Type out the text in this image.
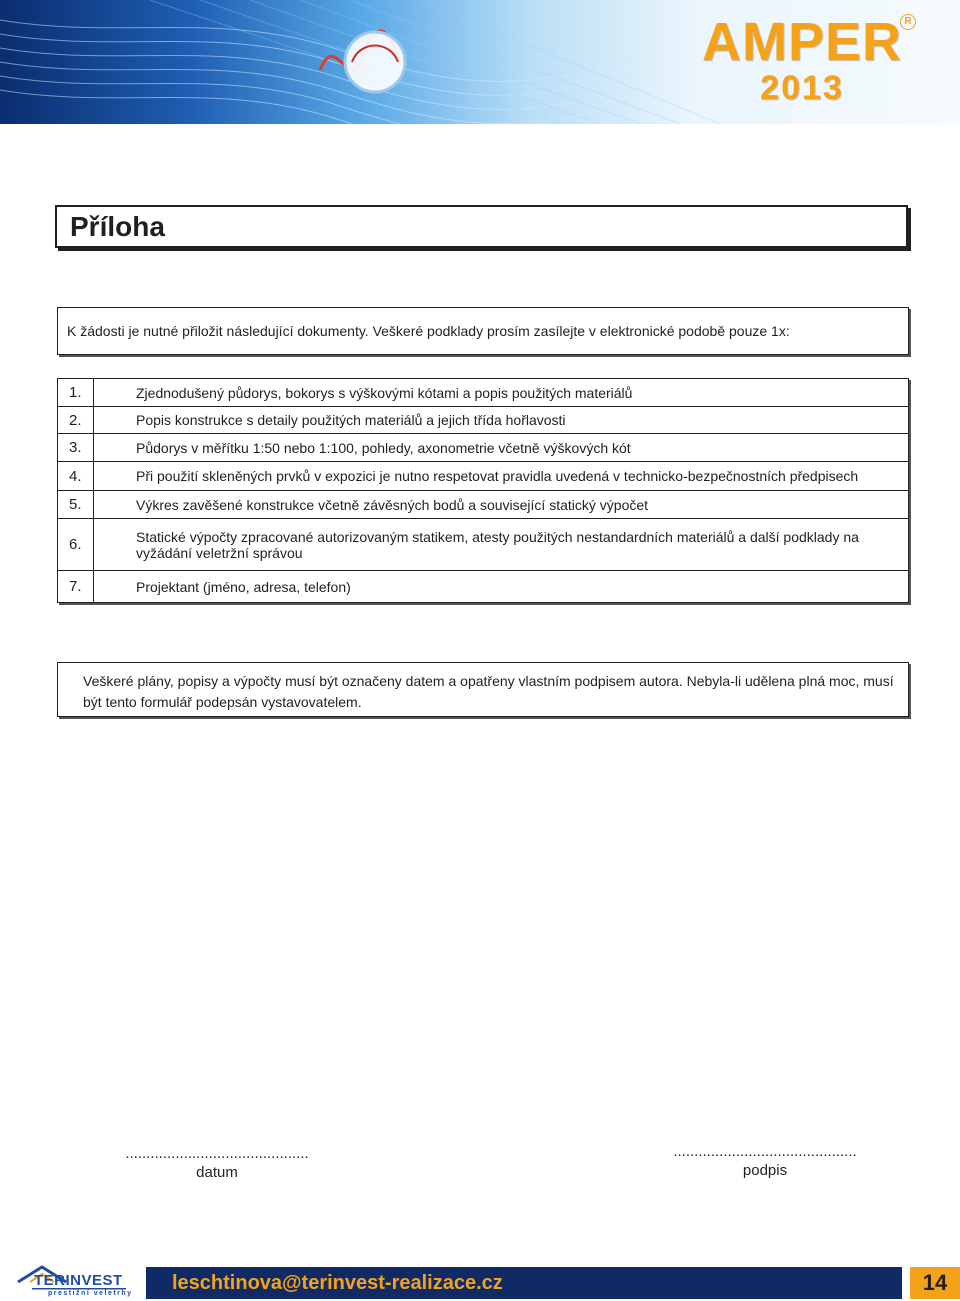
AMPER
2013
R
Příloha
K žádosti je nutné přiložit následující dokumenty. Veškeré podklady prosím zasílejte v elektronické podobě pouze 1x:
1.	Zjednodušený půdorys, bokorys s výškovými kótami a popis použitých materiálů
2.	Popis konstrukce s detaily použitých materiálů a jejich třída hořlavosti
3.	Půdorys v měřítku 1:50 nebo 1:100, pohledy, axonometrie včetně výškových kót
4.	Při použití skleněných prvků v expozici je nutno respetovat pravidla uvedená v technicko-bezpečnostních předpisech
5.	Výkres zavěšené konstrukce včetně závěsných bodů a související statický výpočet
6.	Statické výpočty zpracované autorizovaným statikem, atesty použitých nestandardních materiálů a další podklady na vyžádání veletržní správou
7.	Projektant (jméno, adresa, telefon)
Veškeré plány, popisy a výpočty musí být označeny datem a opatřeny vlastním podpisem autora. Nebyla-li udělena plná moc, musí být tento formulář podepsán vystavovatelem.
............................................
datum
............................................
podpis
TERINVEST
prestižní veletrhy leschtinova@terinvest-realizace.cz	14
